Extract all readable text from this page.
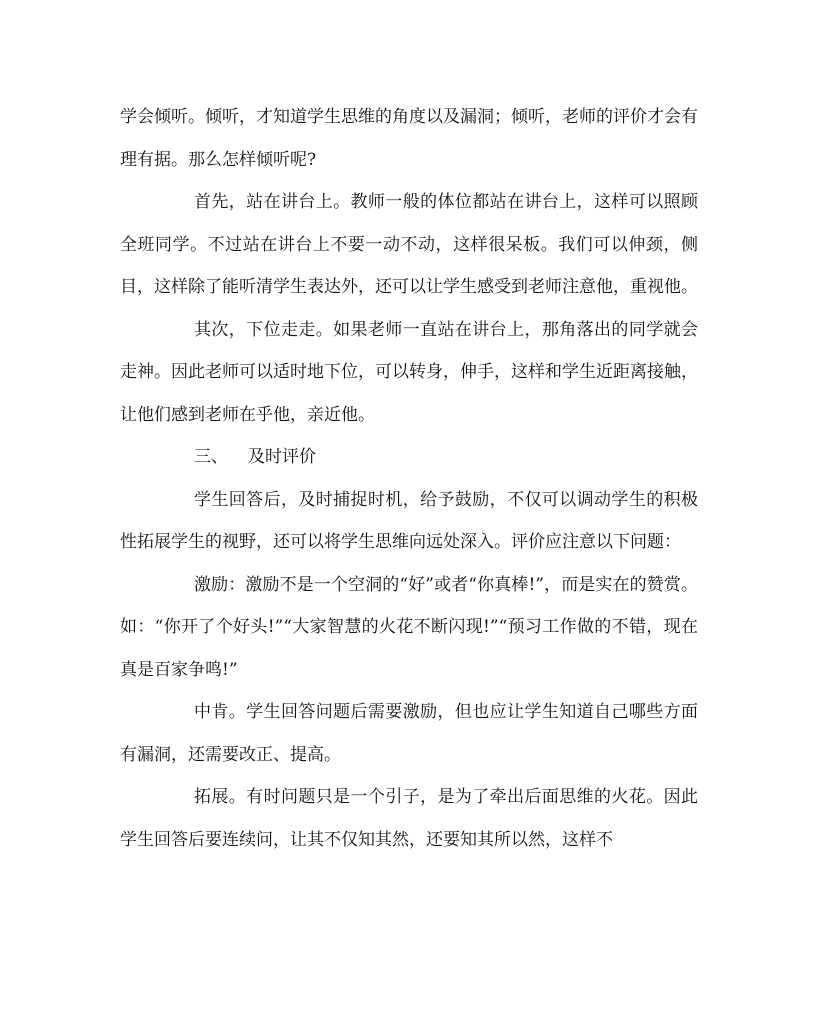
学会倾听。倾听，才知道学生思维的角度以及漏洞；倾听，老师的评价才会有理有据。那么怎样倾听呢?

首先，站在讲台上。教师一般的体位都站在讲台上，这样可以照顾全班同学。不过站在讲台上不要一动不动，这样很呆板。我们可以伸颈，侧目，这样除了能听清学生表达外，还可以让学生感受到老师注意他，重视他。

其次，下位走走。如果老师一直站在讲台上，那角落出的同学就会走神。因此老师可以适时地下位，可以转身，伸手，这样和学生近距离接触，让他们感到老师在乎他，亲近他。

三、 及时评价

学生回答后，及时捕捉时机，给予鼓励，不仅可以调动学生的积极性拓展学生的视野，还可以将学生思维向远处深入。评价应注意以下问题：

激励：激励不是一个空洞的“好”或者“你真棒!”，而是实在的赞赏。如：“你开了个好头!”“大家智慧的火花不断闪现!”“预习工作做的不错，现在真是百家争鸣!”

中肯。学生回答问题后需要激励，但也应让学生知道自己哪些方面有漏洞，还需要改正、提高。

拓展。有时问题只是一个引子，是为了牵出后面思维的火花。因此学生回答后要连续问，让其不仅知其然，还要知其所以然，这样不
